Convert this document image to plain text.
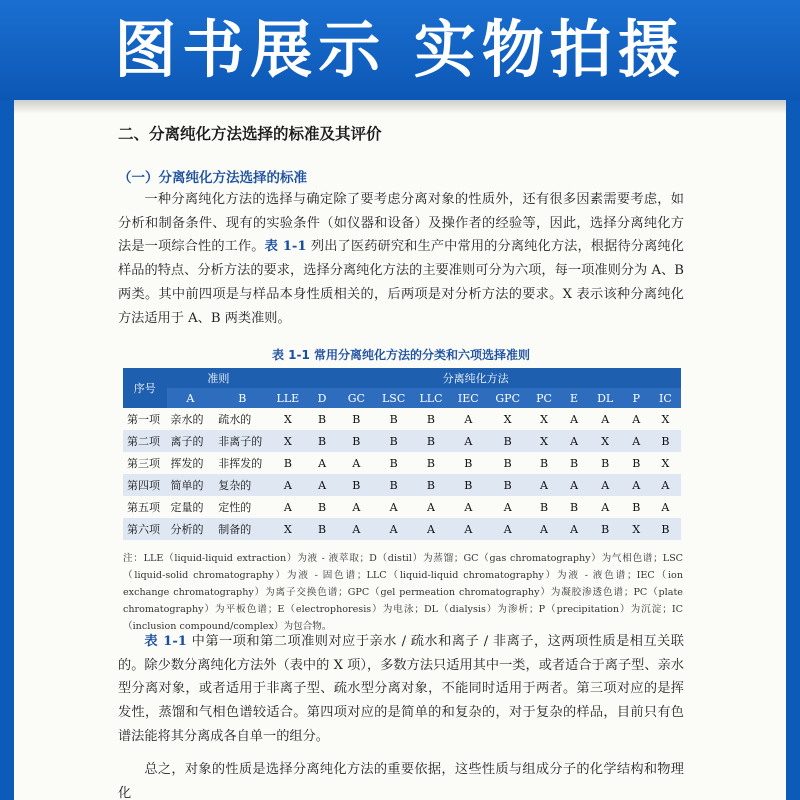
图书展示 实物拍摄
二、分离纯化方法选择的标准及其评价
（一）分离纯化方法选择的标准
一种分离纯化方法的选择与确定除了要考虑分离对象的性质外，还有很多因素需要考虑，如分析和制备条件、现有的实验条件（如仪器和设备）及操作者的经验等，因此，选择分离纯化方法是一项综合性的工作。表 1-1 列出了医药研究和生产中常用的分离纯化方法，根据待分离纯化样品的特点、分析方法的要求，选择分离纯化方法的主要准则可分为六项，每一项准则分为 A、B 两类。其中前四项是与样品本身性质相关的，后两项是对分析方法的要求。X 表示该种分离纯化方法适用于 A、B 两类准则。
表 1-1 常用分离纯化方法的分类和六项选择准则
序号	准则		分离纯化方法											
	A	B	LLE	D	GC	LSC	LLC	IEC	GPC	PC	E	DL	P	IC
第一项	亲水的	疏水的	X	B	B	B	B	A	X	X	A	A	A	X
第二项	离子的	非离子的	X	B	B	B	B	A	B	X	A	X	A	B
第三项	挥发的	非挥发的	B	A	A	B	B	B	B	B	B	B	B	X
第四项	简单的	复杂的	A	A	B	B	B	B	B	A	A	A	A	A
第五项	定量的	定性的	A	B	A	A	A	A	A	B	B	A	B	A
第六项	分析的	制备的	X	B	A	A	A	A	A	A	A	B	X	B
注：LLE（liquid-liquid extraction）为液 - 液萃取；D（distil）为蒸馏；GC（gas chromatography）为气相色谱；LSC（liquid-solid chromatography）为液 - 固色谱；LLC（liquid-liquid chromatography）为液 - 液色谱；IEC（ion exchange chromatography）为离子交换色谱；GPC（gel permeation chromatography）为凝胶渗透色谱；PC（plate chromatography）为平板色谱；E（electrophoresis）为电泳；DL（dialysis）为渗析；P（precipitation）为沉淀；IC（inclusion compound/complex）为包合物。
表 1-1 中第一项和第二项准则对应于亲水 / 疏水和离子 / 非离子，这两项性质是相互关联的。除少数分离纯化方法外（表中的 X 项），多数方法只适用其中一类，或者适合于离子型、亲水型分离对象，或者适用于非离子型、疏水型分离对象，不能同时适用于两者。第三项对应的是挥发性，蒸馏和气相色谱较适合。第四项对应的是简单的和复杂的，对于复杂的样品，目前只有色谱法能将其分离成各自单一的组分。
总之，对象的性质是选择分离纯化方法的重要依据，这些性质与组成分子的化学结构和物理化
